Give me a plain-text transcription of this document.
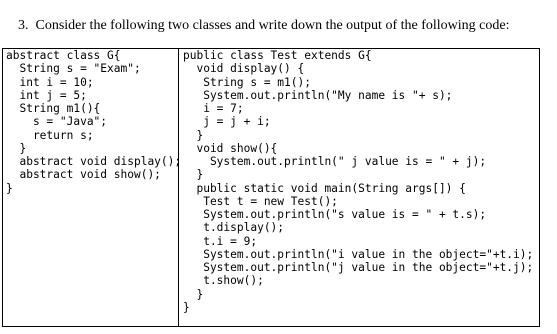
3.  Consider the following two classes and write down the output of the following code:
abstract class G{
String s = "Exam";
int i = 10;
int j = 5;
String m1(){
s = "Java";
return s;
}
abstract void display();
abstract void show();
}
public class Test extends G{
void display() {
String s = m1();
System.out.println("My name is "+ s);
i = 7;
j = j + i;
}
void show(){
System.out.println(" j value is = " + j);
}
public static void main(String args[]) {
Test t = new Test();
System.out.println("s value is = " + t.s);
t.display();
t.i = 9;
System.out.println("i value in the object="+t.i);
System.out.println("j value in the object="+t.j);
t.show();
}
}
